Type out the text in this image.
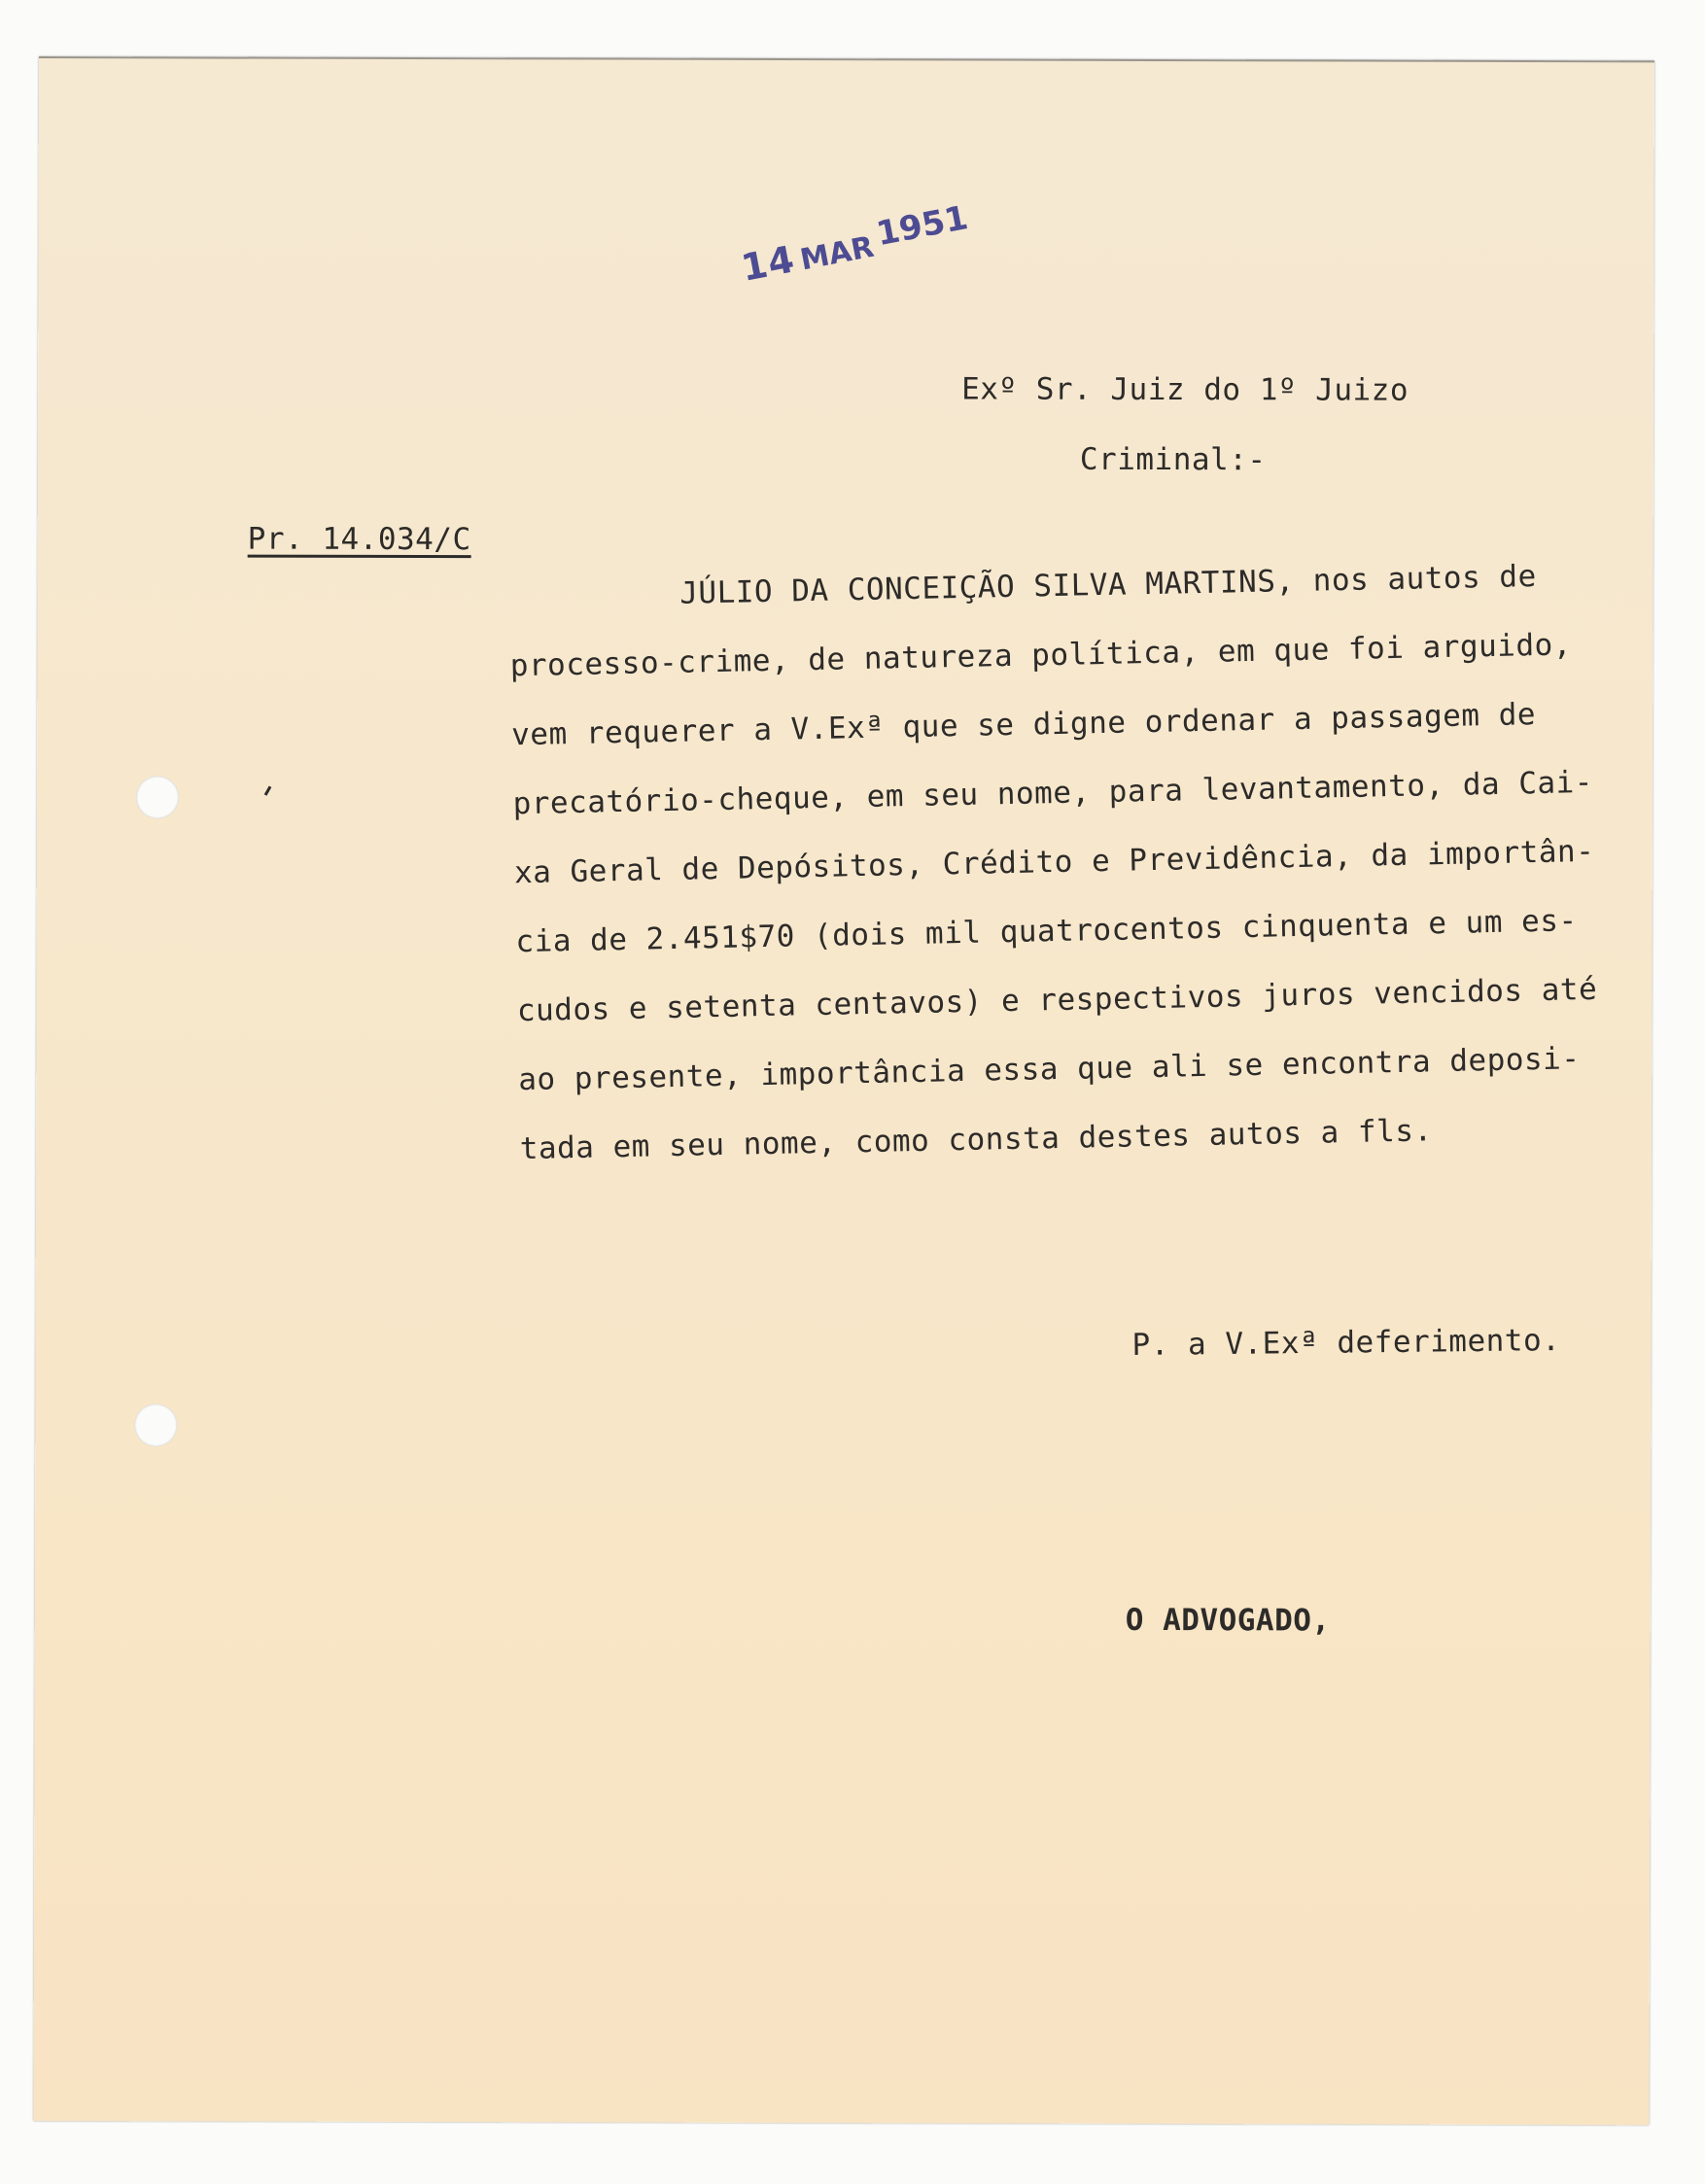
14MAR1951
Exº Sr. Juiz do 1º Juizo
Criminal:-
Pr. 14.034/C
JÚLIO DA CONCEIÇÃO SILVA MARTINS, nos autos de
processo-crime, de natureza política, em que foi arguido,
vem requerer a V.Exª que se digne ordenar a passagem de
precatório-cheque, em seu nome, para levantamento, da Cai-
xa Geral de Depósitos, Crédito e Previdência, da importân-
cia de 2.451$70 (dois mil quatrocentos cinquenta e um es-
cudos e setenta centavos) e respectivos juros vencidos até
ao presente, importância essa que ali se encontra deposi-
tada em seu nome, como consta destes autos a fls.
P. a V.Exª deferimento.
O ADVOGADO,
